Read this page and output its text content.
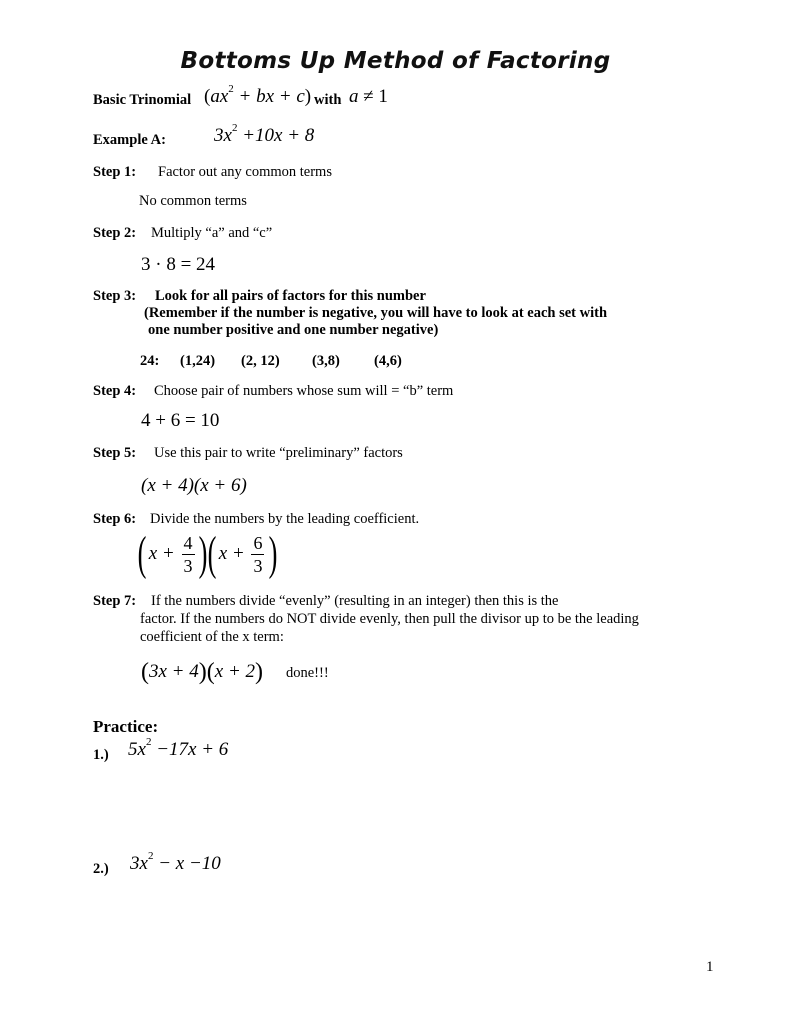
Bottoms Up Method of Factoring
Basic Trinomial ($ax^2$ + bx + c) with a ≠ 1
Example A:	$3x^2 +10x + 8$
Step 1: Factor out any common terms
No common terms
Step 2: Multiply “a” and “c”
3 · 8 = 24
Step 3: Look for all pairs of factors for this number
(Remember if the number is negative, you will have to look at each set with
one number positive and one number negative)
24: (1,24) (2, 12) (3,8) (4,6)
Step 4: Choose pair of numbers whose sum will = “b” term
4 + 6 = 10
Step 5: Use this pair to write “preliminary” factors
(x + 4)(x + 6)
Step 6: Divide the numbers by the leading coefficient.
( $x + \frac{4}{3}$ ) ( $x + \frac{6}{3}$ )
Step 7: If the numbers divide “evenly” (resulting in an integer) then this is the
factor. If the numbers do NOT divide evenly, then pull the divisor up to be the leading
coefficient of the x term:
(3x + 4)(x + 2) done!!!
Practice:
1.) $5x^2 -17x + 6$
2.) $3x^2 - x -10$
1
